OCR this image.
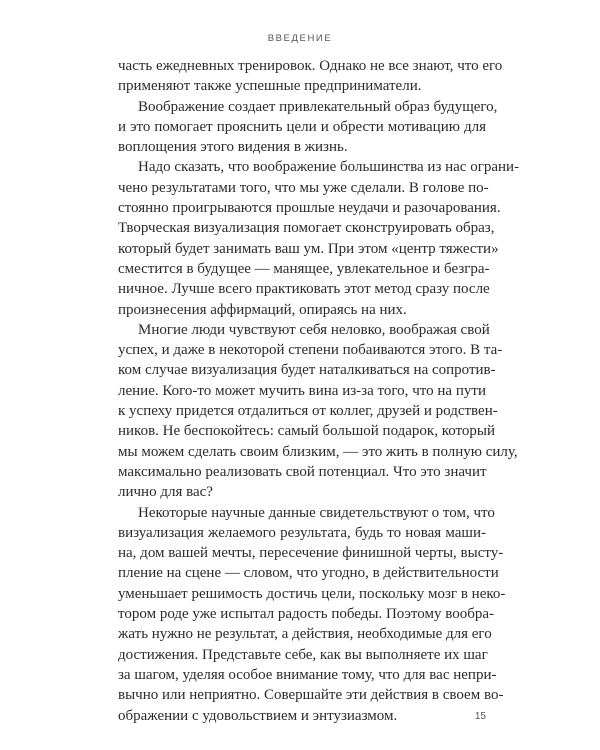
ВВЕДЕНИЕ
часть ежедневных тренировок. Однако не все знают, что его
применяют также успешные предприниматели.
Воображение создает привлекательный образ будущего,
и это помогает прояснить цели и обрести мотивацию для
воплощения этого видения в жизнь.
Надо сказать, что воображение большинства из нас ограни-
чено результатами того, что мы уже сделали. В голове по-
стоянно проигрываются прошлые неудачи и разочарования.
Творческая визуализация помогает сконструировать образ,
который будет занимать ваш ум. При этом «центр тяжести»
сместится в будущее — манящее, увлекательное и безгра-
ничное. Лучше всего практиковать этот метод сразу после
произнесения аффирмаций, опираясь на них.
Многие люди чувствуют себя неловко, воображая свой
успех, и даже в некоторой степени побаиваются этого. В та-
ком случае визуализация будет наталкиваться на сопротив-
ление. Кого-то может мучить вина из-за того, что на пути
к успеху придется отдалиться от коллег, друзей и родствен-
ников. Не беспокойтесь: самый большой подарок, который
мы можем сделать своим близким, — это жить в полную силу,
максимально реализовать свой потенциал. Что это значит
лично для вас?
Некоторые научные данные свидетельствуют о том, что
визуализация желаемого результата, будь то новая маши-
на, дом вашей мечты, пересечение финишной черты, высту-
пление на сцене — словом, что угодно, в действительности
уменьшает решимость достичь цели, поскольку мозг в неко-
тором роде уже испытал радость победы. Поэтому вообра-
жать нужно не результат, а действия, необходимые для его
достижения. Представьте себе, как вы выполняете их шаг
за шагом, уделяя особое внимание тому, что для вас непри-
вычно или неприятно. Совершайте эти действия в своем во-
ображении с удовольствием и энтузиазмом.	15
